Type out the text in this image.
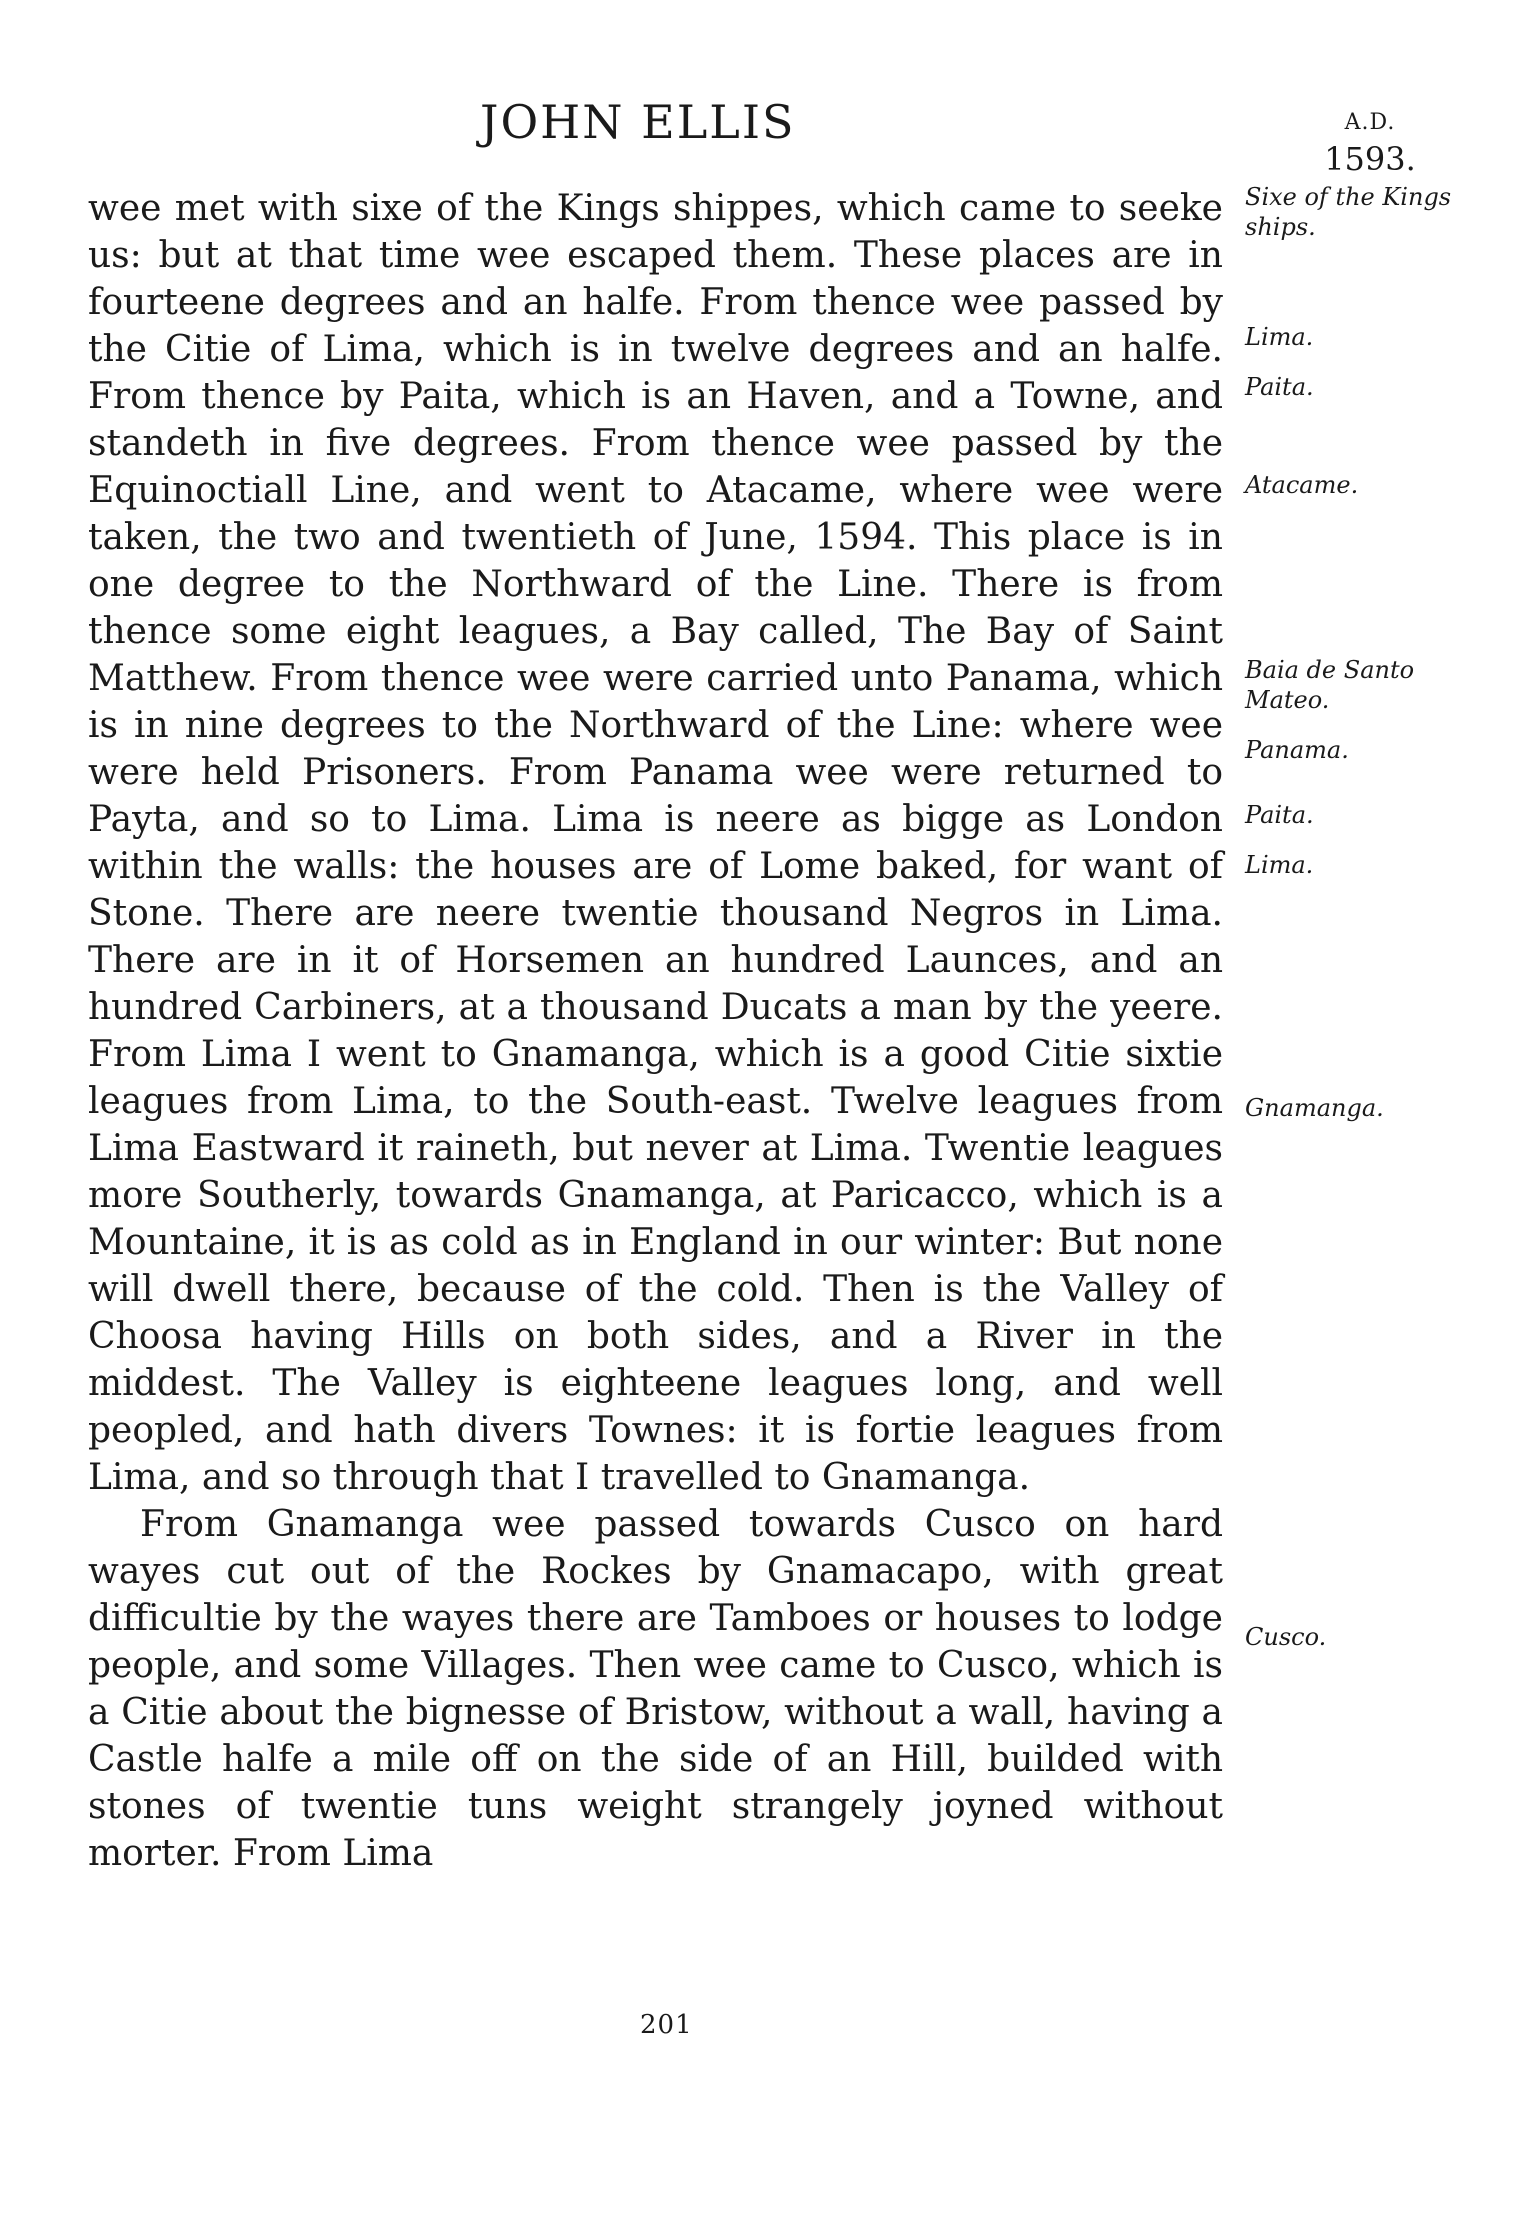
JOHN ELLIS	A.D.
1593.

wee met with sixe of the Kings shippes, which came to seeke us: but at that time wee escaped them. These places are in fourteene degrees and an halfe. From thence wee passed by the Citie of Lima, which is in twelve degrees and an halfe. From thence by Paita, which is an Haven, and a Towne, and standeth in five degrees. From thence wee passed by the Equinoctiall Line, and went to Atacame, where wee were taken, the two and twentieth of June, 1594. This place is in one degree to the Northward of the Line. There is from thence some eight leagues, a Bay called, The Bay of Saint Matthew. From thence wee were carried unto Panama, which is in nine degrees to the Northward of the Line: where wee were held Prisoners. From Panama wee were returned to Payta, and so to Lima. Lima is neere as bigge as London within the walls: the houses are of Lome baked, for want of Stone. There are neere twentie thousand Negros in Lima. There are in it of Horsemen an hundred Launces, and an hundred Carbiners, at a thousand Ducats a man by the yeere. From Lima I went to Gnamanga, which is a good Citie sixtie leagues from Lima, to the South-east. Twelve leagues from Lima Eastward it raineth, but never at Lima. Twentie leagues more Southerly, towards Gnamanga, at Paricacco, which is a Mountaine, it is as cold as in England in our winter: But none will dwell there, because of the cold. Then is the Valley of Choosa having Hills on both sides, and a River in the middest. The Valley is eighteene leagues long, and well peopled, and hath divers Townes: it is fortie leagues from Lima, and so through that I travelled to Gnamanga.

From Gnamanga wee passed towards Cusco on hard wayes cut out of the Rockes by Gnamacapo, with great difficultie by the wayes there are Tamboes or houses to lodge people, and some Villages. Then wee came to Cusco, which is a Citie about the bignesse of Bristow, without a wall, having a Castle halfe a mile off on the side of an Hill, builded with stones of twentie tuns weight strangely joyned without morter. From Lima

Sixe of the Kings ships.
Lima.
Paita.
Atacame.
Baia de Santo Mateo.
Panama.
Paita.
Lima.
Gnamanga.
Cusco.
201
